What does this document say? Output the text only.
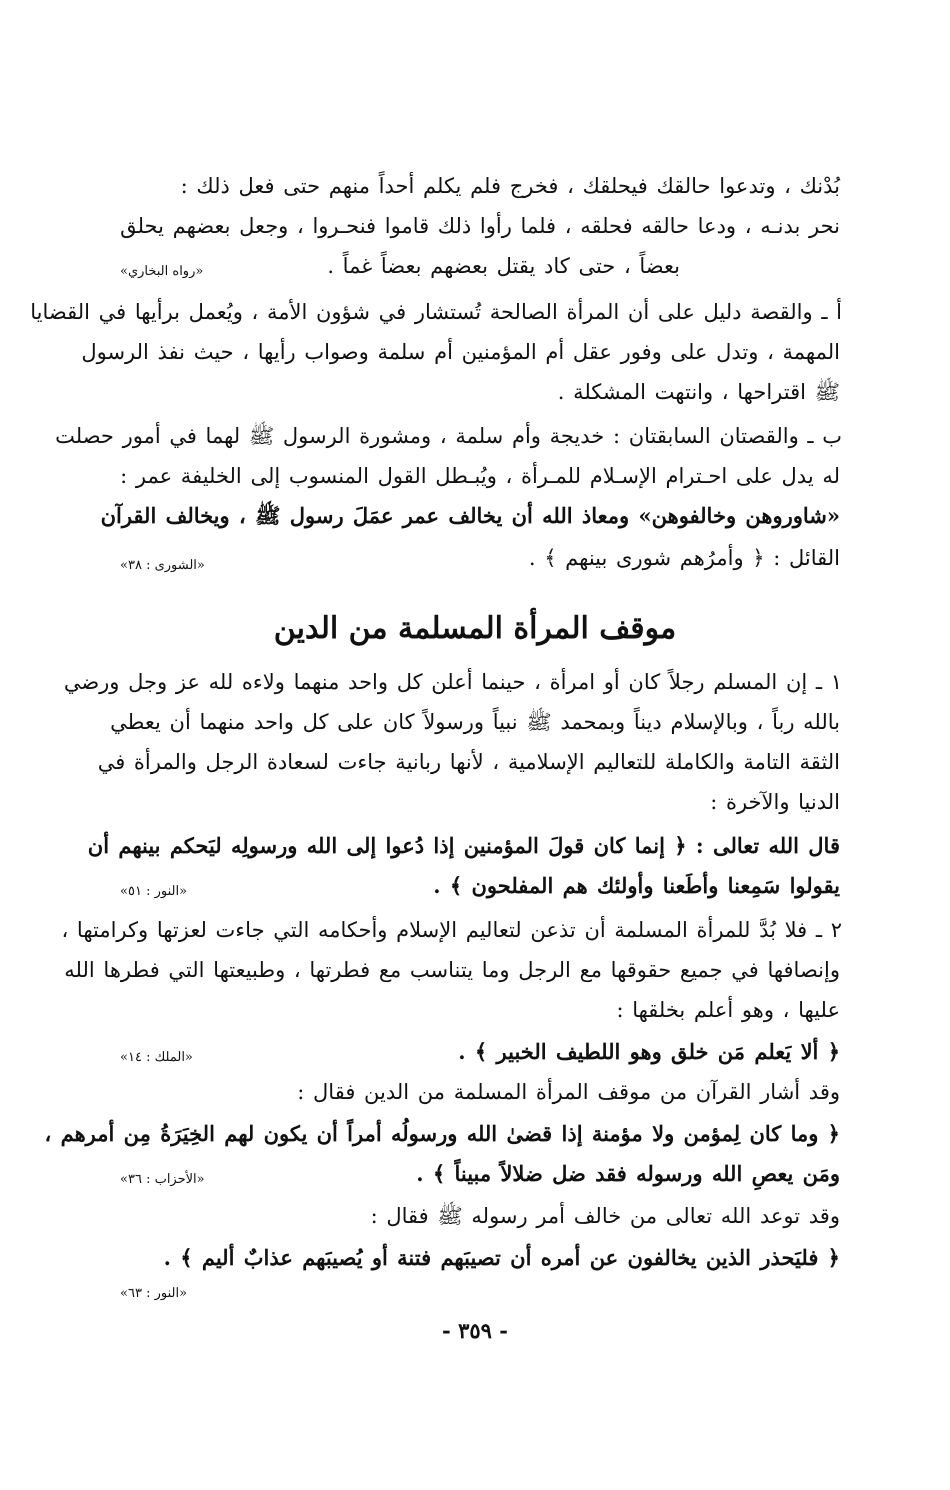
بُدْنك ، وتدعوا حالقك فيحلقك ، فخرج فلم يكلم أحداً منهم حتى فعل ذلك :
نحر بدنـه ، ودعا حالقه فحلقه ، فلما رأوا ذلك قاموا فنحـروا ، وجعل بعضهم يحلق
بعضاً ، حتى كاد يقتل بعضهم بعضاً غماً .
«رواه البخاري»
أ ـ والقصة دليل على أن المرأة الصالحة تُستشار في شؤون الأمة ، ويُعمل برأيها في القضايا
المهمة ، وتدل على وفور عقل أم المؤمنين أم سلمة وصواب رأيها ، حيث نفذ الرسول
ﷺ اقتراحها ، وانتهت المشكلة .
ب ـ والقصتان السابقتان : خديجة وأم سلمة ، ومشورة الرسول ﷺ لهما في أمور حصلت
له يدل على احـترام الإسـلام للمـرأة ، ويُبـطل القول المنسوب إلى الخليفة عمر :
«شاوروهن وخالفوهن» ومعاذ الله أن يخالف عمر عمَلَ رسول ﷺ ، ويخالف القرآن
القائل : ﴿ وأمرُهم شورى بينهم ﴾ .
«الشورى : ٣٨»
موقف المرأة المسلمة من الدين
١ ـ إن المسلم رجلاً كان أو امرأة ، حينما أعلن كل واحد منهما ولاءه لله عز وجل ورضي
بالله رباً ، وبالإسلام ديناً وبمحمد ﷺ نبياً ورسولاً كان على كل واحد منهما أن يعطي
الثقة التامة والكاملة للتعاليم الإسلامية ، لأنها ربانية جاءت لسعادة الرجل والمرأة في
الدنيا والآخرة :
قال الله تعالى : ﴿ إنما كان قولَ المؤمنين إذا دُعوا إلى الله ورسولِه ليَحكم بينهم أن
يقولوا سَمِعنا وأطَعنا وأولئك هم المفلحون ﴾ .
«النور : ٥١»
٢ ـ فلا بُدَّ للمرأة المسلمة أن تذعن لتعاليم الإسلام وأحكامه التي جاءت لعزتها وكرامتها ،
وإنصافها في جميع حقوقها مع الرجل وما يتناسب مع فطرتها ، وطبيعتها التي فطرها الله
عليها ، وهو أعلم بخلقها :
﴿ ألا يَعلم مَن خلق وهو اللطيف الخبير ﴾ .
«الملك : ١٤»
وقد أشار القرآن من موقف المرأة المسلمة من الدين فقال :
﴿ وما كان لِمؤمن ولا مؤمنة إذا قضىٰ الله ورسولُه أمراً أن يكون لهم الخِيَرَةُ مِن أمرهم ،
ومَن يعصِ الله ورسوله فقد ضل ضلالاً مبيناً ﴾ .
«الأحزاب : ٣٦»
وقد توعد الله تعالى من خالف أمر رسوله ﷺ فقال :
﴿ فليَحذر الذين يخالفون عن أمره أن تصيبَهم فتنة أو يُصيبَهم عذابٌ أليم ﴾ .
«النور : ٦٣»
- ٣٥٩ -
